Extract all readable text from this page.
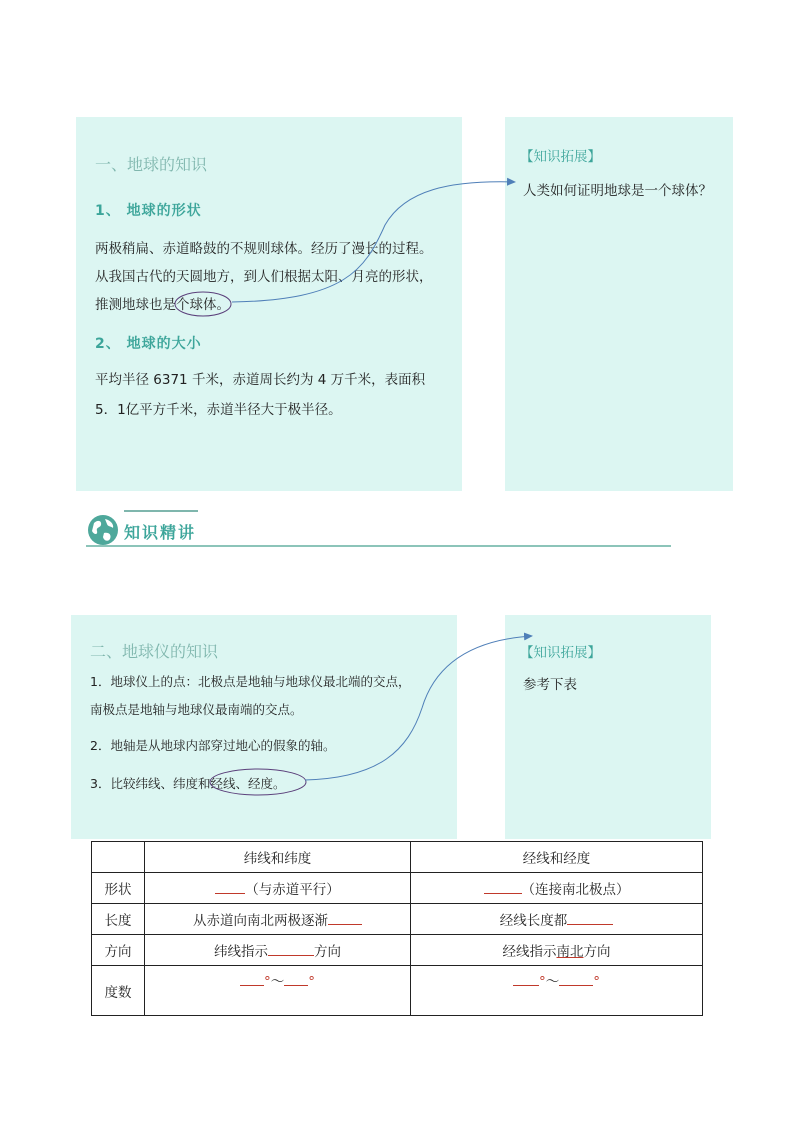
一、地球的知识
1、 地球的形状
两极稍扁、赤道略鼓的不规则球体。经历了漫长的过程。
从我国古代的天圆地方，到人们根据太阳、月亮的形状，
推测地球也是个球体。
2、 地球的大小
平均半径 6371 千米，赤道周长约为 4 万千米，表面积
5．1亿平方千米，赤道半径大于极半径。
【知识拓展】
人类如何证明地球是一个球体？
知识精讲
二、地球仪的知识
1．地球仪上的点：北极点是地轴与地球仪最北端的交点，
南极点是地轴与地球仪最南端的交点。
2．地轴是从地球内部穿过地心的假象的轴。
3．比较纬线、纬度和经线、经度。
【知识拓展】
参考下表
	纬线和纬度	经线和经度
形状	（与赤道平行）	（连接南北极点）
长度	从赤道向南北两极逐渐	经线长度都
方向	纬线指示 方向	经线指示南北方向
度数	°～ °	°～ °
